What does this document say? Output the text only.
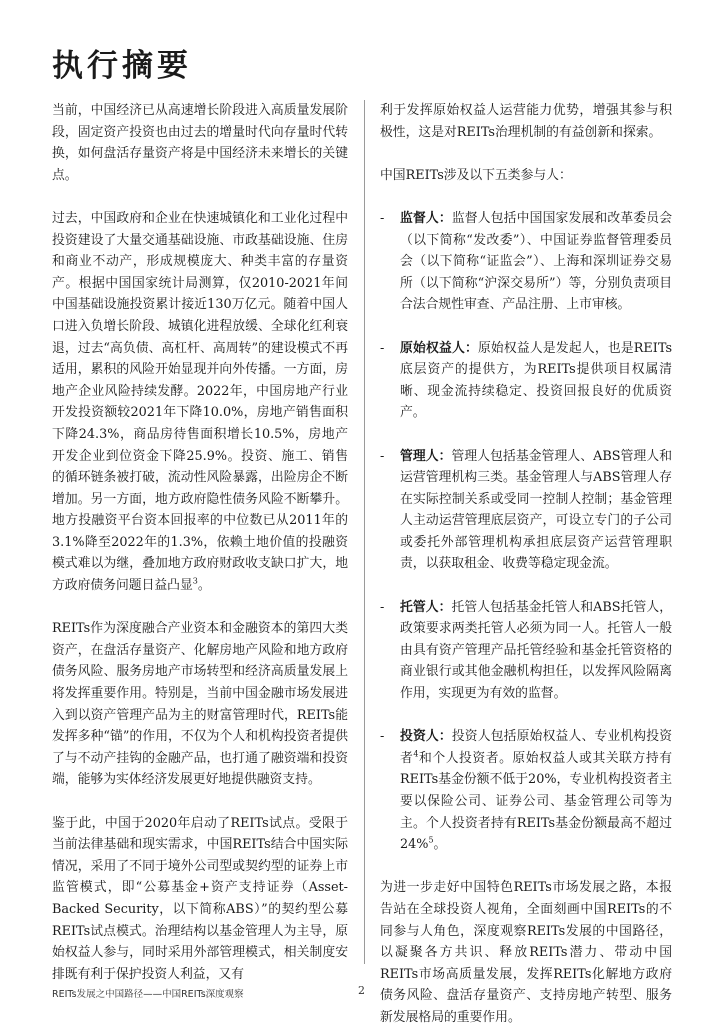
执行摘要

当前，中国经济已从高速增长阶段进入高质量发展阶段，固定资产投资也由过去的增量时代向存量时代转换，如何盘活存量资产将是中国经济未来增长的关键点。

过去，中国政府和企业在快速城镇化和工业化过程中投资建设了大量交通基础设施、市政基础设施、住房和商业不动产，形成规模庞大、种类丰富的存量资产。根据中国国家统计局测算，仅2010-2021年间中国基础设施投资累计接近130万亿元。随着中国人口进入负增长阶段、城镇化进程放缓、全球化红利衰退，过去“高负债、高杠杆、高周转”的建设模式不再适用，累积的风险开始显现并向外传播。一方面，房地产企业风险持续发酵。2022年，中国房地产行业开发投资额较2021年下降10.0%，房地产销售面积下降24.3%，商品房待售面积增长10.5%，房地产开发企业到位资金下降25.9%。投资、施工、销售的循环链条被打破，流动性风险暴露，出险房企不断增加。另一方面，地方政府隐性债务风险不断攀升。地方投融资平台资本回报率的中位数已从2011年的3.1%降至2022年的1.3%，依赖土地价值的投融资模式难以为继，叠加地方政府财政收支缺口扩大，地方政府债务问题日益凸显$^3$。

REITs作为深度融合产业资本和金融资本的第四大类资产，在盘活存量资产、化解房地产风险和地方政府债务风险、服务房地产市场转型和经济高质量发展上将发挥重要作用。特别是，当前中国金融市场发展进入到以资产管理产品为主的财富管理时代，REITs能发挥多种“锚”的作用，不仅为个人和机构投资者提供了与不动产挂钩的金融产品，也打通了融资端和投资端，能够为实体经济发展更好地提供融资支持。

鉴于此，中国于2020年启动了REITs试点。受限于当前法律基础和现实需求，中国REITs结合中国实际情况，采用了不同于境外公司型或契约型的证券上市监管模式，即“公募基金+资产支持证券（Asset-Backed Security，以下简称ABS）”的契约型公募REITs试点模式。治理结构以基金管理人为主导，原始权益人参与，同时采用外部管理模式，相关制度安排既有利于保护投资人利益，又有

利于发挥原始权益人运营能力优势，增强其参与积极性，这是对REITs治理机制的有益创新和探索。

中国REITs涉及以下五类参与人：

- 监督人：监督人包括中国国家发展和改革委员会（以下简称“发改委”）、中国证券监督管理委员会（以下简称“证监会”）、上海和深圳证券交易所（以下简称“沪深交易所”）等，分别负责项目合法合规性审查、产品注册、上市审核。
- 原始权益人：原始权益人是发起人，也是REITs底层资产的提供方，为REITs提供项目权属清晰、现金流持续稳定、投资回报良好的优质资产。
- 管理人：管理人包括基金管理人、ABS管理人和运营管理机构三类。基金管理人与ABS管理人存在实际控制关系或受同一控制人控制；基金管理人主动运营管理底层资产，可设立专门的子公司或委托外部管理机构承担底层资产运营管理职责，以获取租金、收费等稳定现金流。
- 托管人：托管人包括基金托管人和ABS托管人，政策要求两类托管人必须为同一人。托管人一般由具有资产管理产品托管经验和基金托管资格的商业银行或其他金融机构担任，以发挥风险隔离作用，实现更为有效的监督。
- 投资人：投资人包括原始权益人、专业机构投资者$^4$和个人投资者。原始权益人或其关联方持有REITs基金份额不低于20%，专业机构投资者主要以保险公司、证券公司、基金管理公司等为主。个人投资者持有REITs基金份额最高不超过24%$^5$。

为进一步走好中国特色REITs市场发展之路，本报告站在全球投资人视角，全面刻画中国REITs的不同参与人角色，深度观察REITs发展的中国路径，以凝聚各方共识、释放REITs潜力、带动中国REITs市场高质量发展，发挥REITs化解地方政府债务风险、盘活存量资产、支持房地产转型、服务新发展格局的重要作用。

REITs发展之中国路径——中国REITs深度观察	2
